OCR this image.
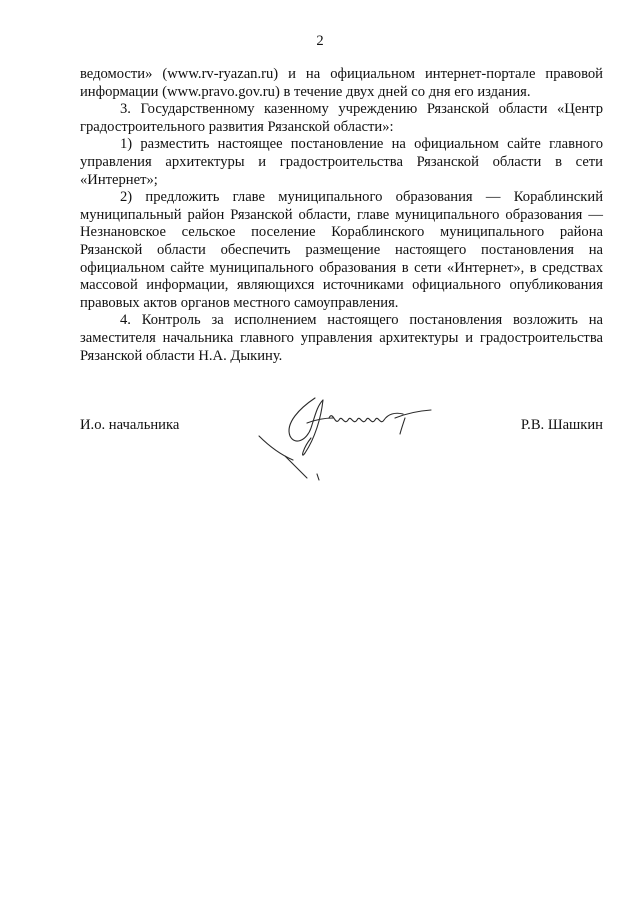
2

ведомости» (www.rv-ryazan.ru) и на официальном интернет-портале правовой информации (www.pravo.gov.ru) в течение двух дней со дня его издания.

3. Государственному казенному учреждению Рязанской области «Центр градостроительного развития Рязанской области»:

1) разместить настоящее постановление на официальном сайте главного управления архитектуры и градостроительства Рязанской области в сети «Интернет»;

2) предложить главе муниципального образования — Кораблинский муниципальный район Рязанской области, главе муниципального образования — Незнановское сельское поселение Кораблинского муниципального района Рязанской области обеспечить размещение настоящего постановления на официальном сайте муниципального образования в сети «Интернет», в средствах массовой информации, являющихся источниками официального опубликования правовых актов органов местного самоуправления.

4. Контроль за исполнением настоящего постановления возложить на заместителя начальника главного управления архитектуры и градостроительства Рязанской области Н.А. Дыкину.

И.о. начальника	Р.В. Шашкин
